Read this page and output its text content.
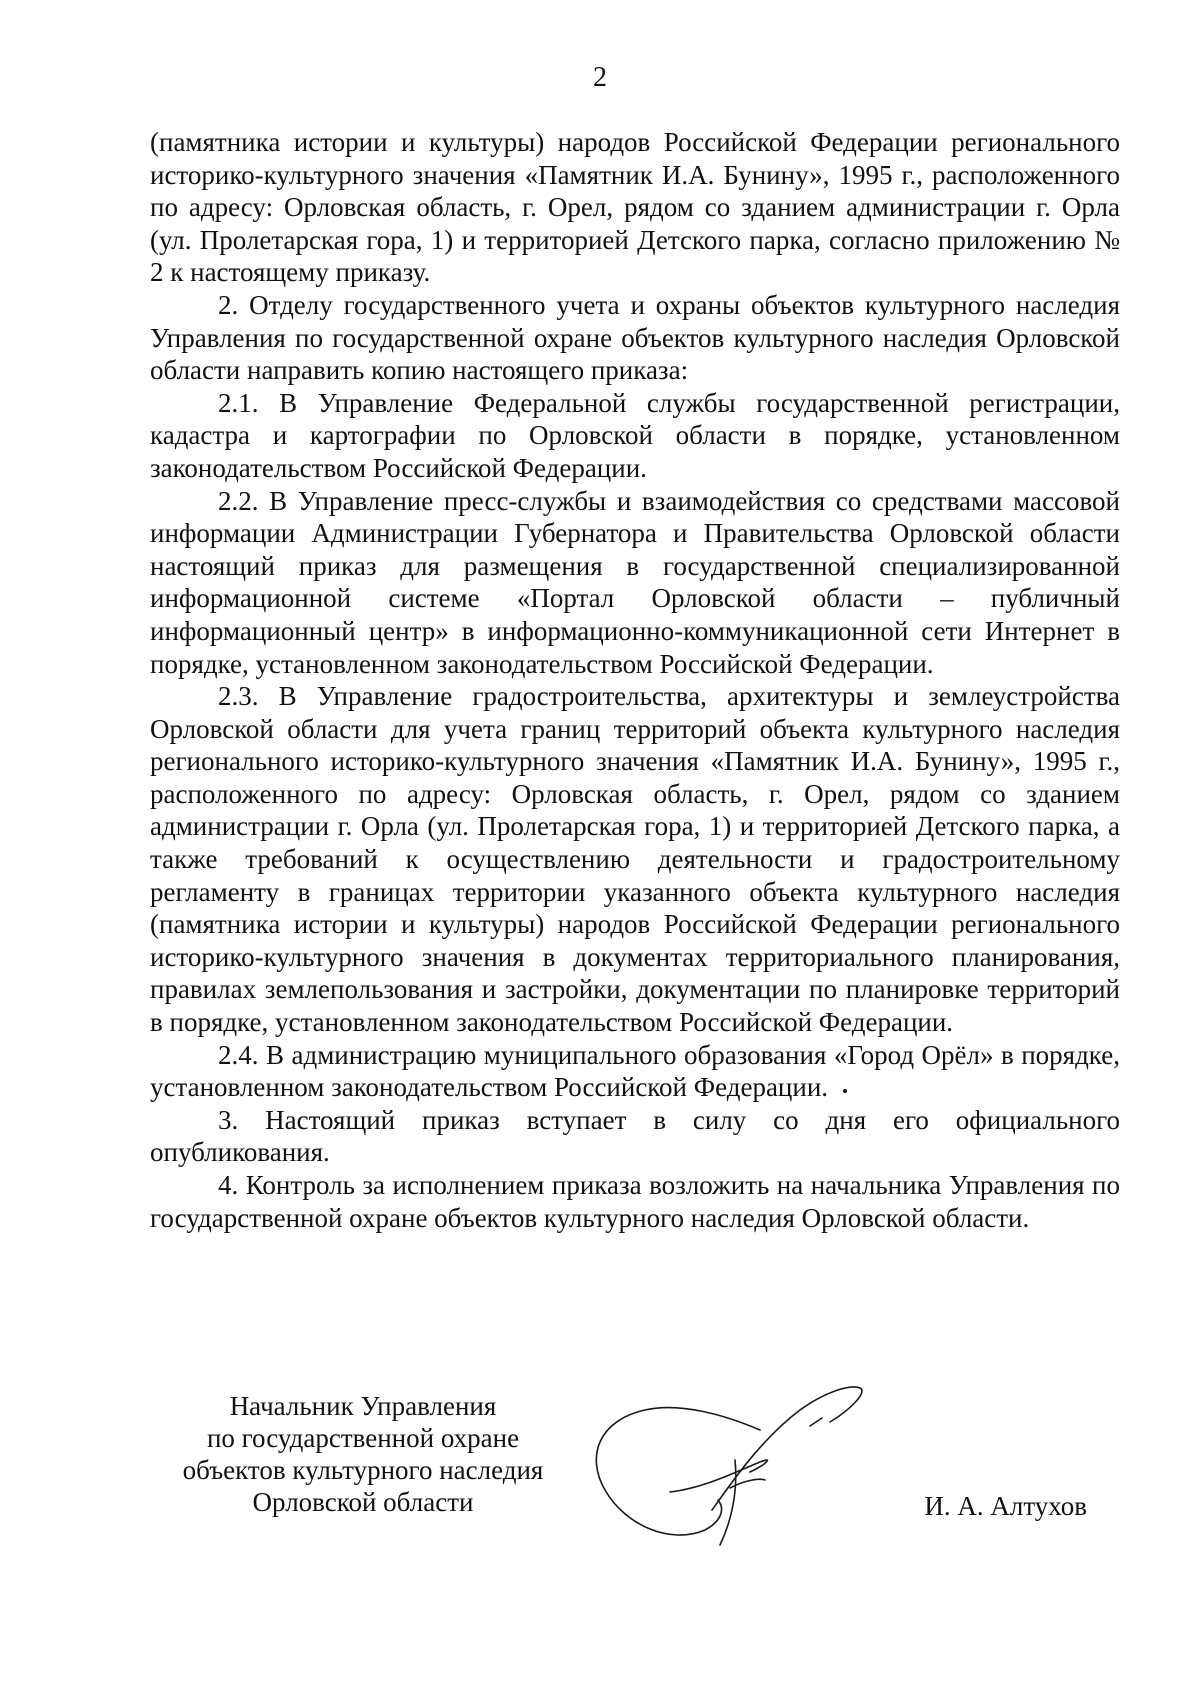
2

(памятника истории и культуры) народов Российской Федерации регионального историко-культурного значения «Памятник И.А. Бунину», 1995 г., расположенного по адресу: Орловская область, г. Орел, рядом со зданием администрации г. Орла (ул. Пролетарская гора, 1) и территорией Детского парка, согласно приложению № 2 к настоящему приказу.

2. Отделу государственного учета и охраны объектов культурного наследия Управления по государственной охране объектов культурного наследия Орловской области направить копию настоящего приказа:

2.1. В Управление Федеральной службы государственной регистрации, кадастра и картографии по Орловской области в порядке, установленном законодательством Российской Федерации.

2.2. В Управление пресс-службы и взаимодействия со средствами массовой информации Администрации Губернатора и Правительства Орловской области настоящий приказ для размещения в государственной специализированной информационной системе «Портал Орловской области – публичный информационный центр» в информационно-коммуникационной сети Интернет в порядке, установленном законодательством Российской Федерации.

2.3. В Управление градостроительства, архитектуры и землеустройства Орловской области для учета границ территорий объекта культурного наследия регионального историко-культурного значения «Памятник И.А. Бунину», 1995 г., расположенного по адресу: Орловская область, г. Орел, рядом со зданием администрации г. Орла (ул. Пролетарская гора, 1) и территорией Детского парка, а также требований к осуществлению деятельности и градостроительному регламенту в границах территории указанного объекта культурного наследия (памятника истории и культуры) народов Российской Федерации регионального историко-культурного значения в документах территориального планирования, правилах землепользования и застройки, документации по планировке территорий в порядке, установленном законодательством Российской Федерации.

2.4. В администрацию муниципального образования «Город Орёл» в порядке, установленном законодательством Российской Федерации.

3. Настоящий приказ вступает в силу со дня его официального опубликования.

4. Контроль за исполнением приказа возложить на начальника Управления по государственной охране объектов культурного наследия Орловской области.

Начальник Управления
по государственной охране
объектов культурного наследия
Орловской области	И. А. Алтухов
